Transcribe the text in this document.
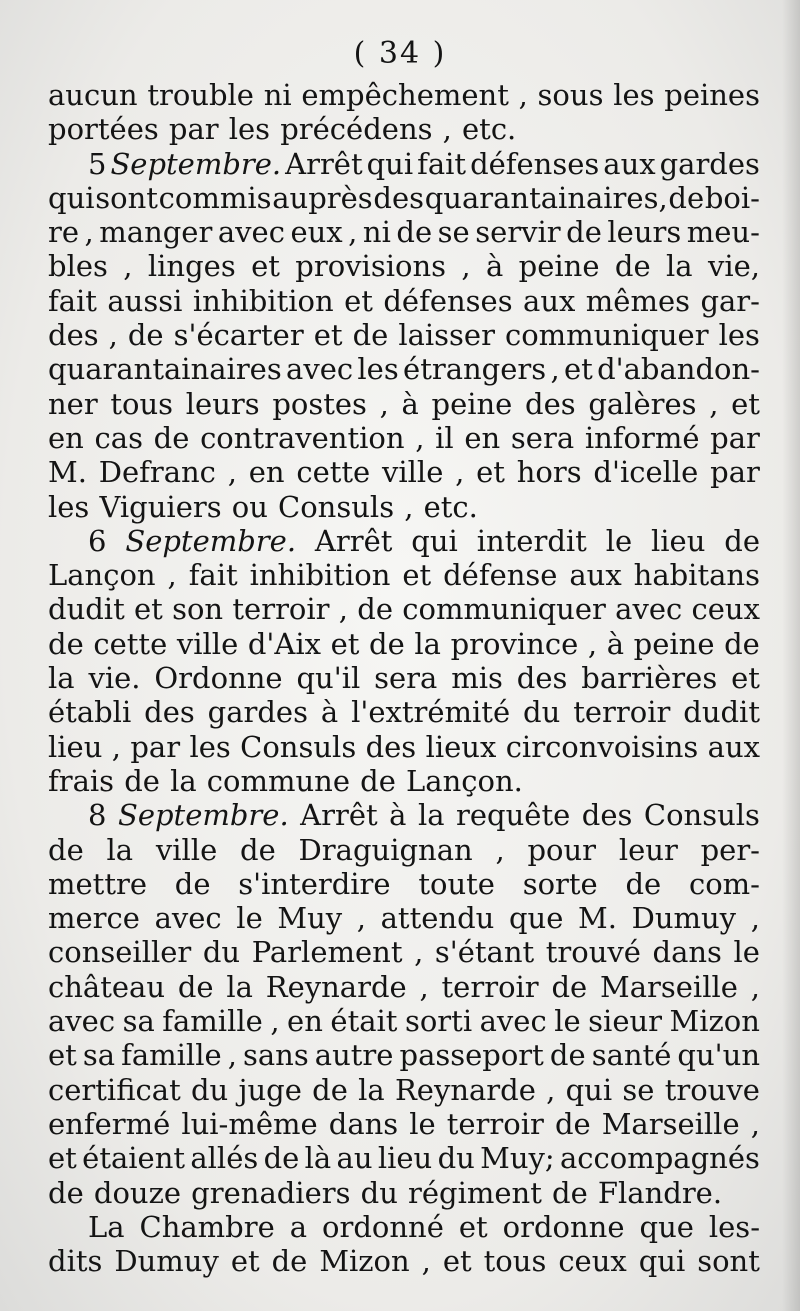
( 34 )
aucun trouble ni empêchement , sous les peines
portées par les précédens , etc.
5 Septembre. Arrêt qui fait défenses aux gardes
qui sont commis auprès des quarantainaires, de boi-
re , manger avec eux , ni de se servir de leurs meu-
bles , linges et provisions , à peine de la vie,
fait aussi inhibition et défenses aux mêmes gar-
des , de s'écarter et de laisser communiquer les
quarantainaires avec les étrangers , et d'abandon-
ner tous leurs postes , à peine des galères , et
en cas de contravention , il en sera informé par
M. Defranc , en cette ville , et hors d'icelle par
les Viguiers ou Consuls , etc.
6 Septembre. Arrêt qui interdit le lieu de
Lançon , fait inhibition et défense aux habitans
dudit et son terroir , de communiquer avec ceux
de cette ville d'Aix et de la province , à peine de
la vie. Ordonne qu'il sera mis des barrières et
établi des gardes à l'extrémité du terroir dudit
lieu , par les Consuls des lieux circonvoisins aux
frais de la commune de Lançon.
8 Septembre. Arrêt à la requête des Consuls
de la ville de Draguignan , pour leur per-
mettre de s'interdire toute sorte de com-
merce avec le Muy , attendu que M. Dumuy ,
conseiller du Parlement , s'étant trouvé dans le
château de la Reynarde , terroir de Marseille ,
avec sa famille , en était sorti avec le sieur Mizon
et sa famille , sans autre passeport de santé qu'un
certificat du juge de la Reynarde , qui se trouve
enfermé lui-même dans le terroir de Marseille ,
et étaient allés de là au lieu du Muy; accompagnés
de douze grenadiers du régiment de Flandre.
La Chambre a ordonné et ordonne que les-
dits Dumuy et de Mizon , et tous ceux qui sont
